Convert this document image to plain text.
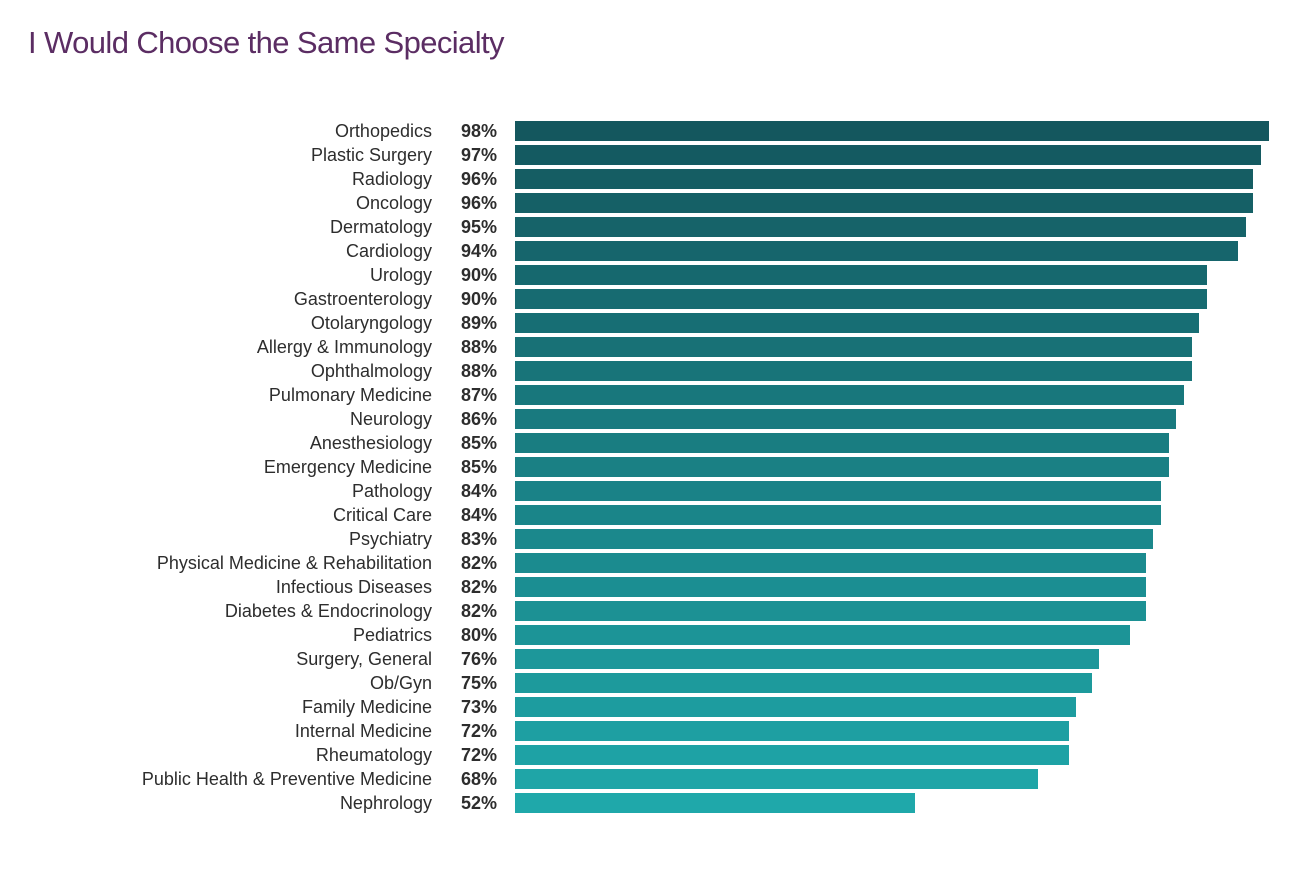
I Would Choose the Same Specialty
Orthopedics	98%
Plastic Surgery	97%
Radiology	96%
Oncology	96%
Dermatology	95%
Cardiology	94%
Urology	90%
Gastroenterology	90%
Otolaryngology	89%
Allergy & Immunology	88%
Ophthalmology	88%
Pulmonary Medicine	87%
Neurology	86%
Anesthesiology	85%
Emergency Medicine	85%
Pathology	84%
Critical Care	84%
Psychiatry	83%
Physical Medicine & Rehabilitation	82%
Infectious Diseases	82%
Diabetes & Endocrinology	82%
Pediatrics	80%
Surgery, General	76%
Ob/Gyn	75%
Family Medicine	73%
Internal Medicine	72%
Rheumatology	72%
Public Health & Preventive Medicine	68%
Nephrology	52%
